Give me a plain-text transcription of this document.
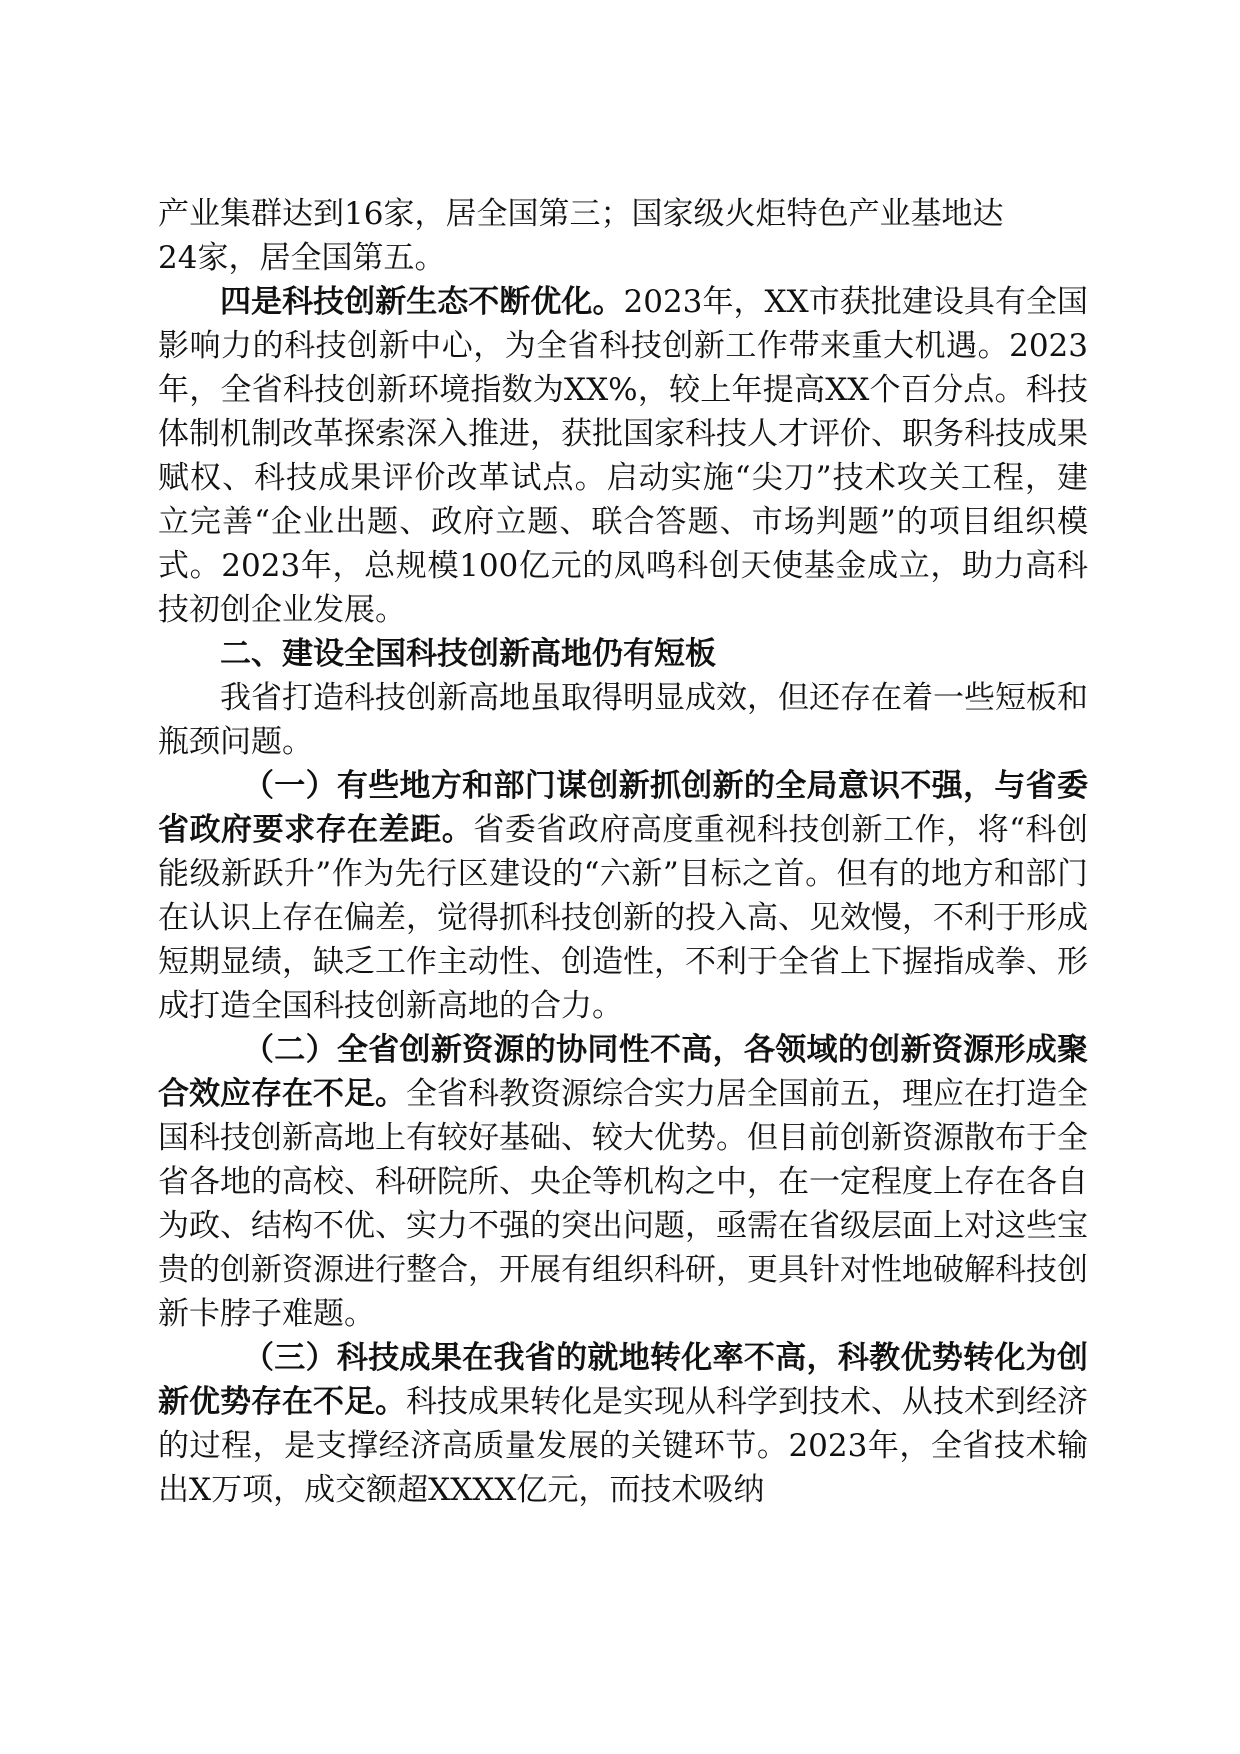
产业集群达到16家，居全国第三；国家级火炬特色产业基地达
24家，居全国第五。

四是科技创新生态不断优化。2023年，XX市获批建设具有全国影响力的科技创新中心，为全省科技创新工作带来重大机遇。2023年，全省科技创新环境指数为XX%，较上年提高XX个百分点。科技体制机制改革探索深入推进，获批国家科技人才评价、职务科技成果赋权、科技成果评价改革试点。启动实施“尖刀”技术攻关工程，建立完善“企业出题、政府立题、联合答题、市场判题”的项目组织模式。2023年，总规模100亿元的凤鸣科创天使基金成立，助力高科技初创企业发展。

二、建设全国科技创新高地仍有短板

我省打造科技创新高地虽取得明显成效，但还存在着一些短板和瓶颈问题。

（一）有些地方和部门谋创新抓创新的全局意识不强，与省委省政府要求存在差距。省委省政府高度重视科技创新工作，将“科创能级新跃升”作为先行区建设的“六新”目标之首。但有的地方和部门在认识上存在偏差，觉得抓科技创新的投入高、见效慢，不利于形成短期显绩，缺乏工作主动性、创造性，不利于全省上下握指成拳、形成打造全国科技创新高地的合力。

（二）全省创新资源的协同性不高，各领域的创新资源形成聚合效应存在不足。全省科教资源综合实力居全国前五，理应在打造全国科技创新高地上有较好基础、较大优势。但目前创新资源散布于全省各地的高校、科研院所、央企等机构之中，在一定程度上存在各自为政、结构不优、实力不强的突出问题，亟需在省级层面上对这些宝贵的创新资源进行整合，开展有组织科研，更具针对性地破解科技创新卡脖子难题。

（三）科技成果在我省的就地转化率不高，科教优势转化为创新优势存在不足。科技成果转化是实现从科学到技术、从技术到经济的过程，是支撑经济高质量发展的关键环节。2023年，全省技术输出X万项，成交额超XXXX亿元，而技术吸纳
